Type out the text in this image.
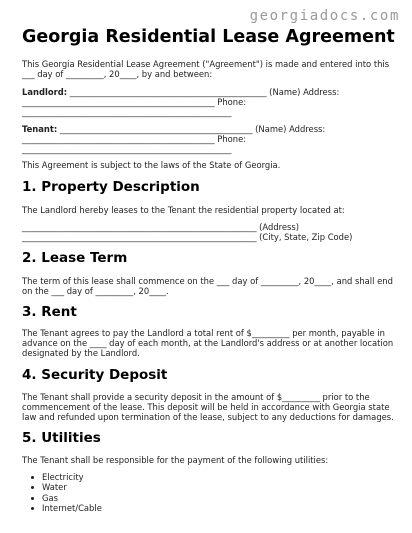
georgiadocs.com
Georgia Residential Lease Agreement

This Georgia Residential Lease Agreement ("Agreement") is made and entered into this

___ day of _________, 20____, by and between:

Landlord: _______________________________________________ (Name) Address:

______________________________________________ Phone:

__________________________________________________

Tenant: ______________________________________________ (Name) Address:

______________________________________________ Phone:

__________________________________________________

This Agreement is subject to the laws of the State of Georgia.

1. Property Description

The Landlord hereby leases to the Tenant the residential property located at:

________________________________________________________ (Address)

________________________________________________________ (City, State, Zip Code)

2. Lease Term

The term of this lease shall commence on the ___ day of _________, 20____, and shall end

on the ___ day of _________, 20____.

3. Rent

The Tenant agrees to pay the Landlord a total rent of $_________ per month, payable in

advance on the ____ day of each month, at the Landlord's address or at another location

designated by the Landlord.

4. Security Deposit

The Tenant shall provide a security deposit in the amount of $_________ prior to the

commencement of the lease. This deposit will be held in accordance with Georgia state

law and refunded upon termination of the lease, subject to any deductions for damages.

5. Utilities

The Tenant shall be responsible for the payment of the following utilities:

Electricity
Water
Gas
Internet/Cable
